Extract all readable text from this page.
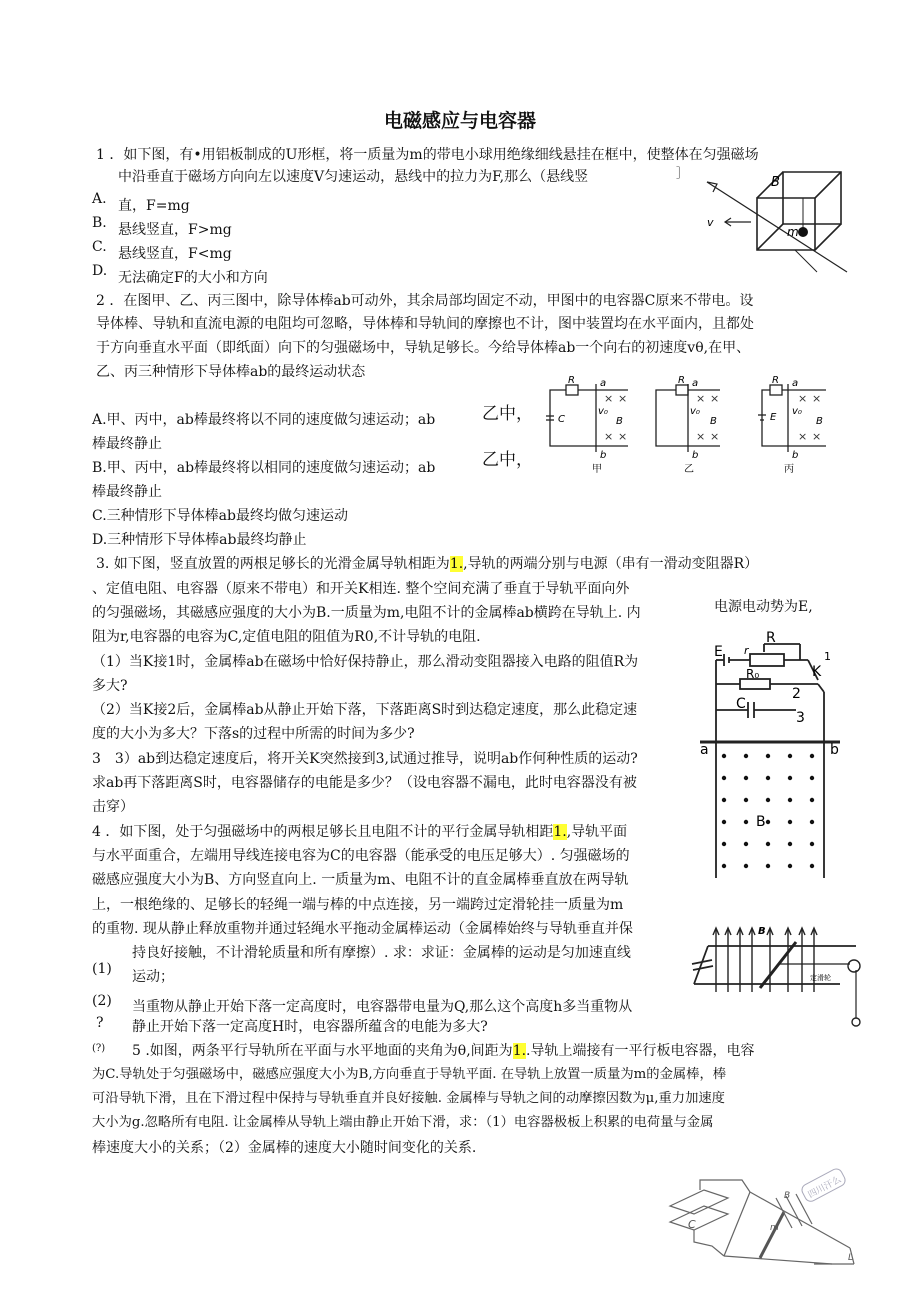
电磁感应与电容器
1 ．如下图，有•用铝板制成的U形框，将一质量为m的带电小球用绝缘细线悬挂在框中，使整体在匀强磁场
中沿垂直于磁场方向向左以速度V匀速运动，悬线中的拉力为F,那么（悬线竖	］
A. 直，F=mg
B. 悬线竖直，F>mg
C. 悬线竖直，F<mg
D. 无法确定F的大小和方向
B
v
m
2 ．在图甲、乙、丙三图中，除导体棒ab可动外，其余局部均固定不动，甲图中的电容器C原来不带电。设
导体棒、导轨和直流电源的电阻均可忽略，导体棒和导轨间的摩擦也不计，图中装置均在水平面内，且都处
于方向垂直水平面（即纸面）向下的匀强磁场中，导轨足够长。今给导体棒ab一个向右的初速度vθ,在甲、
乙、丙三种情形下导体棒ab的最终运动状态
乙中，
乙中，
A.甲、丙中，ab棒最终将以不同的速度做匀速运动；ab
棒最终静止
B.甲、丙中，ab棒最终将以相同的速度做匀速运动；ab
棒最终静止
C.三种情形下导体棒ab最终均做匀速运动
D.三种情形下导体棒ab最终均静止
R	a
C
v₀
B
b
R a
v₀
B
b
R a
E
v₀
B
b
× ×
× ×
× ×
× ×
× ×
× ×
甲	乙	丙
3. 如下图，竖直放置的两根足够长的光滑金属导轨相距为1.,导轨的两端分别与电源（串有一滑动变阻器R）
、定值电阻、电容器（原来不带电）和开关K相连. 整个空间充满了垂直于导轨平面向外
的匀强磁场，其磁感应强度的大小为B.一质量为m,电阻不计的金属棒ab横跨在导轨上. 内	电源电动势为E,
阻为r,电容器的电容为C,定值电阻的阻值为R0,不计导轨的电阻.
（1）当K接1时，金属棒ab在磁场中恰好保持静止，那么滑动变阻器接入电路的阻值R为
多大?
（2）当K接2后，金属棒ab从静止开始下落，下落距离S时到达稳定速度，那么此稳定速
度的大小为多大？下落s的过程中所需的时间为多少?
3　3）ab到达稳定速度后，将开关K突然接到3,试通过推导，说明ab作何种性质的运动?
求ab再下落距离S时，电容器储存的电能是多少？（设电容器不漏电，此时电容器没有被
击穿）
E r
R
K
R₀
2
C
3
1
a	b
B
4 ．如下图，处于匀强磁场中的两根足够长且电阻不计的平行金属导轨相距1.,导轨平面
与水平面重合，左端用导线连接电容为C的电容器（能承受的电压足够大）. 匀强磁场的
磁感应强度大小为B、方向竖直向上. 一质量为m、电阻不计的直金属棒垂直放在两导轨
上，一根绝缘的、足够长的轻绳一端与棒的中点连接，另一端跨过定滑轮挂一质量为m
的重物. 现从静止释放重物并通过轻绳水平拖动金属棒运动（金属棒始终与导轨垂直并保
(1)
持良好接触，不计滑轮质量和所有摩擦）. 求：求证：金属棒的运动是匀加速直线
运动；
(2)
?
当重物从静止开始下落一定高度时，电容器带电量为Q,那么这个高度h多当重物从
静止开始下落一定高度H时，电容器所蕴含的电能为多大?
(?)
B
定滑轮
5 .如图，两条平行导轨所在平面与水平地面的夹角为θ,间距为1..导轨上端接有一平行板电容器，电容
为C.导轨处于匀强磁场中，磁感应强度大小为B,方向垂直于导轨平面. 在导轨上放置一质量为m的金属棒，棒
可沿导轨下滑，且在下滑过程中保持与导轨垂直并良好接触. 金属棒与导轨之间的动摩擦因数为μ,重力加速度
大小为g.忽略所有电阻. 让金属棒从导轨上端由静止开始下滑，求：（1）电容器极板上积累的电荷量与金属
棒速度大小的关系；（2）金属棒的速度大小随时间变化的关系.
C
B
m
L
四川汗么
